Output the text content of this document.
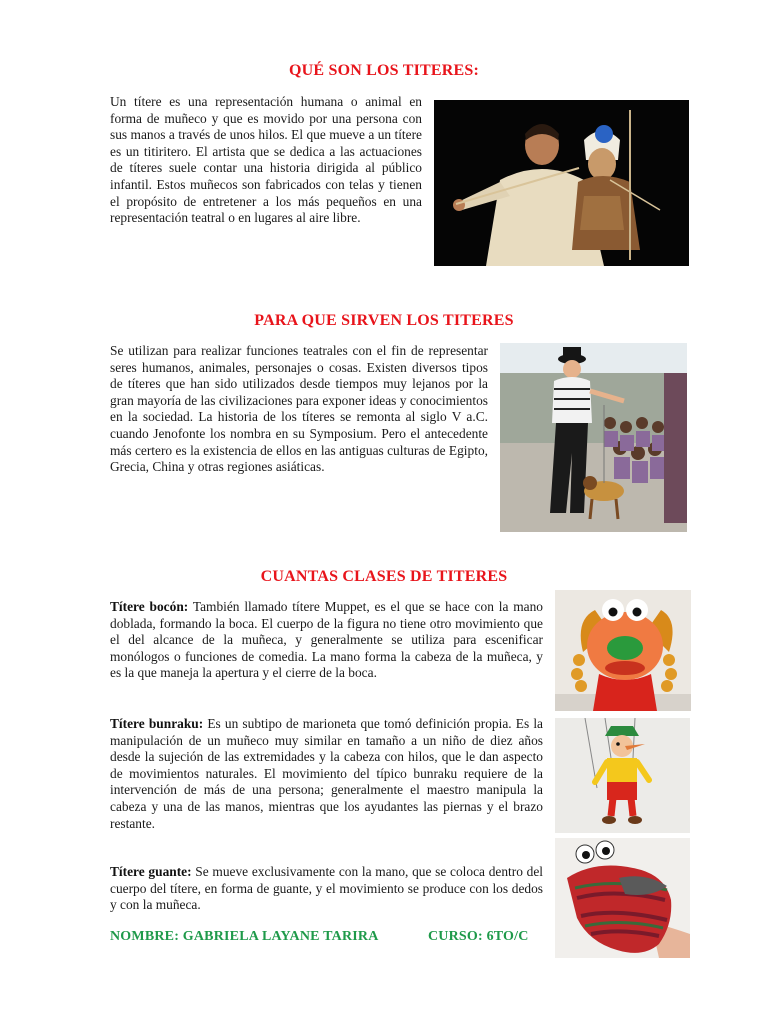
QUÉ SON LOS TITERES:

Un títere es una representación humana o animal en forma de muñeco y que es movido por una persona con sus manos a través de unos hilos. El que mueve a un títere es un titiritero. El artista que se dedica a las actuaciones de títeres suele contar una historia dirigida al público infantil. Estos muñecos son fabricados con telas y tienen el propósito de entretener a los más pequeños en una representación teatral o en lugares al aire libre.

PARA QUE SIRVEN LOS TITERES

Se utilizan para realizar funciones teatrales con el fin de representar seres humanos, animales, personajes o cosas. Existen diversos tipos de títeres que han sido utilizados desde tiempos muy lejanos por la gran mayoría de las civilizaciones para exponer ideas y conocimientos en la sociedad. La historia de los títeres se remonta al siglo V a.C. cuando Jenofonte los nombra en su Symposium. Pero el antecedente más certero es la existencia de ellos en las antiguas culturas de Egipto, Grecia, China y otras regiones asiáticas.

CUANTAS CLASES DE TITERES

Títere bocón: También llamado títere Muppet, es el que se hace con la mano doblada, formando la boca. El cuerpo de la figura no tiene otro movimiento que el del alcance de la muñeca, y generalmente se utiliza para escenificar monólogos o funciones de comedia. La mano forma la cabeza de la muñeca, y es la que maneja la apertura y el cierre de la boca.

Títere bunraku: Es un subtipo de marioneta que tomó definición propia. Es la manipulación de un muñeco muy similar en tamaño a un niño de diez años desde la sujeción de las extremidades y la cabeza con hilos, que le dan aspecto de movimientos naturales. El movimiento del típico bunraku requiere de la intervención de más de una persona; generalmente el maestro manipula la cabeza y una de las manos, mientras que los ayudantes las piernas y el brazo restante.

Títere guante: Se mueve exclusivamente con la mano, que se coloca dentro del cuerpo del títere, en forma de guante, y el movimiento se produce con los dedos y con la muñeca.

NOMBRE: GABRIELA LAYANE TARIRA	CURSO: 6TO/C
